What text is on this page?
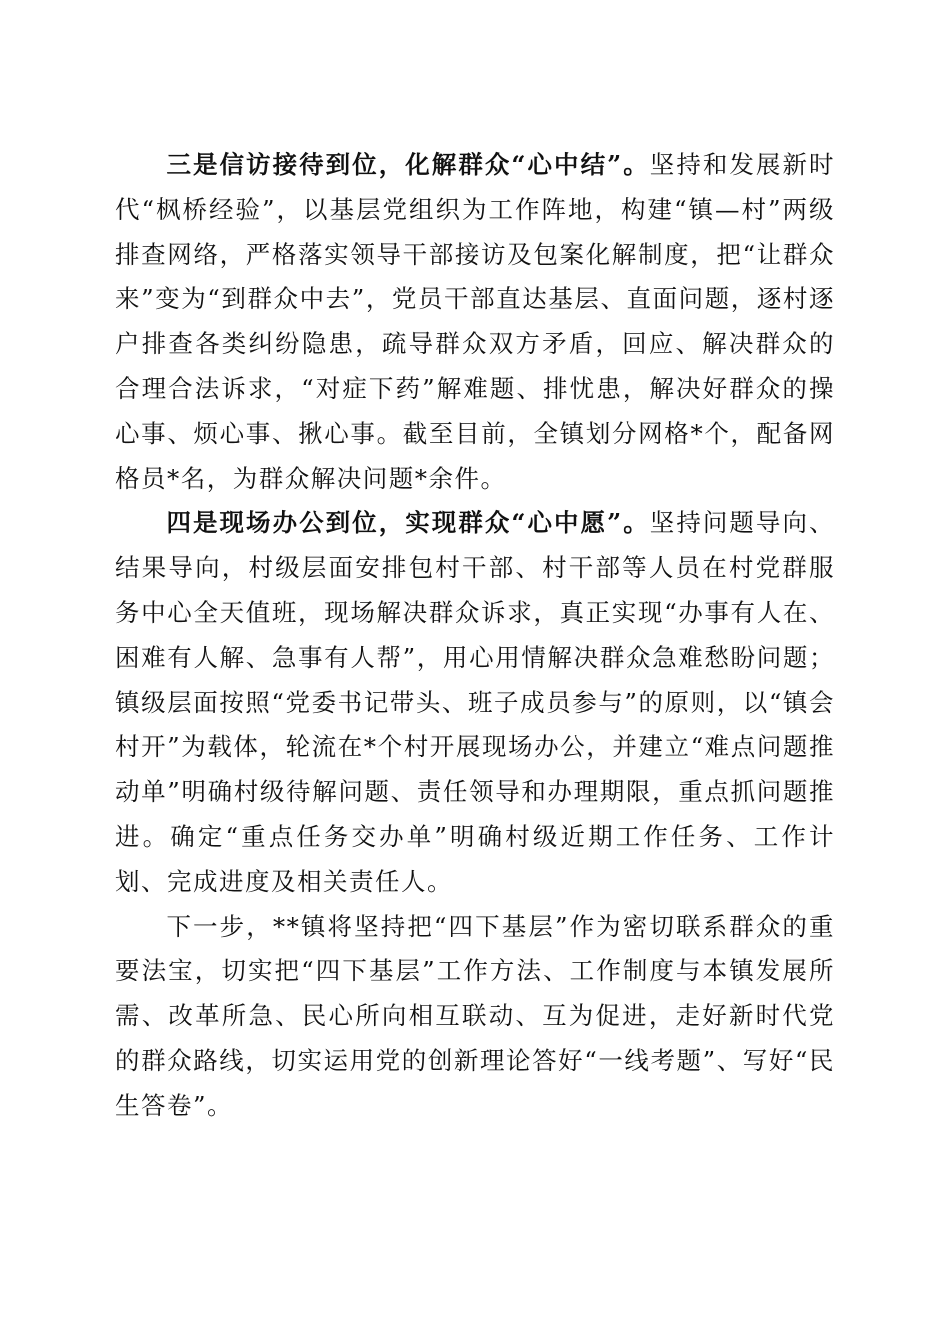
三是信访接待到位，化解群众“心中结”。坚持和发展新时代“枫桥经验”，以基层党组织为工作阵地，构建“镇—村”两级排查网络，严格落实领导干部接访及包案化解制度，把“让群众来”变为“到群众中去”，党员干部直达基层、直面问题，逐村逐户排查各类纠纷隐患，疏导群众双方矛盾，回应、解决群众的合理合法诉求，“对症下药”解难题、排忧患，解决好群众的操心事、烦心事、揪心事。截至目前，全镇划分网格*个，配备网格员*名，为群众解决问题*余件。

四是现场办公到位，实现群众“心中愿”。坚持问题导向、结果导向，村级层面安排包村干部、村干部等人员在村党群服务中心全天值班，现场解决群众诉求，真正实现“办事有人在、困难有人解、急事有人帮”，用心用情解决群众急难愁盼问题；镇级层面按照“党委书记带头、班子成员参与”的原则，以“镇会村开”为载体，轮流在*个村开展现场办公，并建立“难点问题推动单”明确村级待解问题、责任领导和办理期限，重点抓问题推进。确定“重点任务交办单”明确村级近期工作任务、工作计划、完成进度及相关责任人。

下一步，**镇将坚持把“四下基层”作为密切联系群众的重要法宝，切实把“四下基层”工作方法、工作制度与本镇发展所需、改革所急、民心所向相互联动、互为促进，走好新时代党的群众路线，切实运用党的创新理论答好“一线考题”、写好“民生答卷”。
